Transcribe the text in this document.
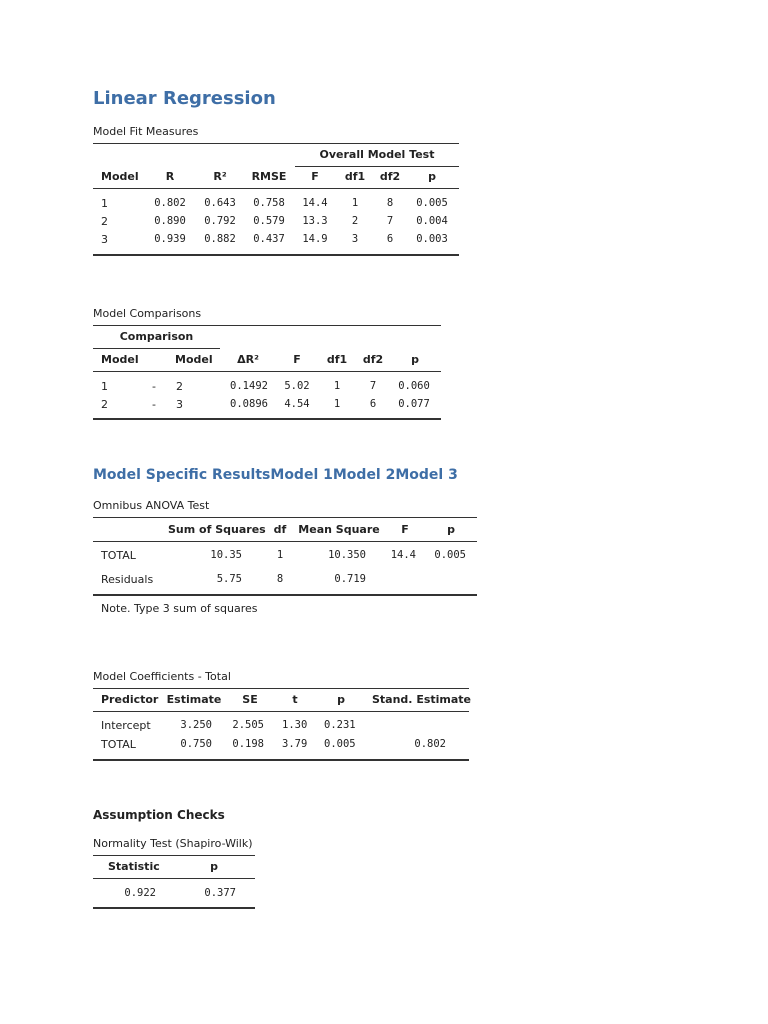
Linear Regression
Model Fit Measures
Overall Model Test
Model	R	R²	RMSE	F	df1	df2	p
1	0.802	0.643	0.758	14.4	1	8	0.005
2	0.890	0.792	0.579	13.3	2	7	0.004
3	0.939	0.882	0.437	14.9	3	6	0.003
Model Comparisons
Comparison
Model	Model	ΔR²	F	df1	df2	p
1	-	2	0.1492	5.02	1	7	0.060
2	-	3	0.0896	4.54	1	6	0.077
Model Specific ResultsModel 1Model 2Model 3
Omnibus ANOVA Test
Sum of Squares df	Mean Square	F	p
TOTAL	10.35	1	10.350 14.4 0.005
Residuals	5.75	8	0.719
Note. Type 3 sum of squares
Model Coefficients - Total
Predictor Estimate	SE	t	p	Stand. Estimate
Intercept	3.250 2.505 1.30 0.231
TOTAL	0.750 0.198 3.79 0.005	0.802
Assumption Checks
Normality Test (Shapiro-Wilk)
Statistic	p
0.922	0.377
